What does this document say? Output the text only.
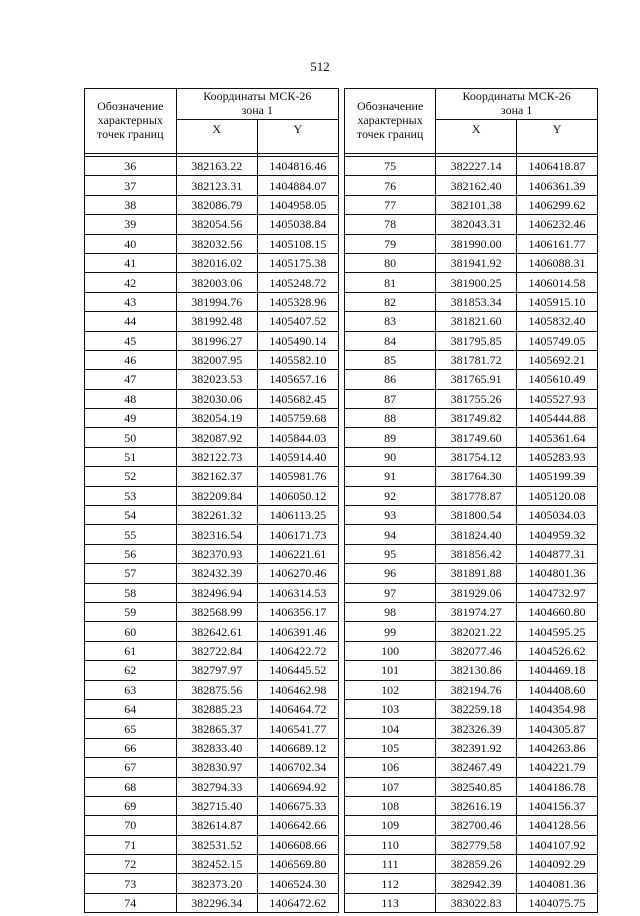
512
Обозначение
характерных
точек границ	Координаты МСК-26
зона 1	
	X	Y

36	382163.22	1404816.46
37	382123.31	1404884.07
38	382086.79	1404958.05
39	382054.56	1405038.84
40	382032.56	1405108.15
41	382016.02	1405175.38
42	382003.06	1405248.72
43	381994.76	1405328.96
44	381992.48	1405407.52
45	381996.27	1405490.14
46	382007.95	1405582.10
47	382023.53	1405657.16
48	382030.06	1405682.45
49	382054.19	1405759.68
50	382087.92	1405844.03
51	382122.73	1405914.40
52	382162.37	1405981.76
53	382209.84	1406050.12
54	382261.32	1406113.25
55	382316.54	1406171.73
56	382370.93	1406221.61
57	382432.39	1406270.46
58	382496.94	1406314.53
59	382568.99	1406356.17
60	382642.61	1406391.46
61	382722.84	1406422.72
62	382797.97	1406445.52
63	382875.56	1406462.98
64	382885.23	1406464.72
65	382865.37	1406541.77
66	382833.40	1406689.12
67	382830.97	1406702.34
68	382794.33	1406694.92
69	382715.40	1406675.33
70	382614.87	1406642.66
71	382531.52	1406608.66
72	382452.15	1406569.80
73	382373.20	1406524.30
74	382296.34	1406472.62
Обозначение
характерных
точек границ	Координаты МСК-26
зона 1	
	X	Y

75	382227.14	1406418.87
76	382162.40	1406361.39
77	382101.38	1406299.62
78	382043.31	1406232.46
79	381990.00	1406161.77
80	381941.92	1406088.31
81	381900.25	1406014.58
82	381853.34	1405915.10
83	381821.60	1405832.40
84	381795.85	1405749.05
85	381781.72	1405692.21
86	381765.91	1405610.49
87	381755.26	1405527.93
88	381749.82	1405444.88
89	381749.60	1405361.64
90	381754.12	1405283.93
91	381764.30	1405199.39
92	381778.87	1405120.08
93	381800.54	1405034.03
94	381824.40	1404959.32
95	381856.42	1404877.31
96	381891.88	1404801.36
97	381929.06	1404732.97
98	381974.27	1404660.80
99	382021.22	1404595.25
100	382077.46	1404526.62
101	382130.86	1404469.18
102	382194.76	1404408.60
103	382259.18	1404354.98
104	382326.39	1404305.87
105	382391.92	1404263.86
106	382467.49	1404221.79
107	382540.85	1404186.78
108	382616.19	1404156.37
109	382700.46	1404128.56
110	382779.58	1404107.92
111	382859.26	1404092.29
112	382942.39	1404081.36
113	383022.83	1404075.75
